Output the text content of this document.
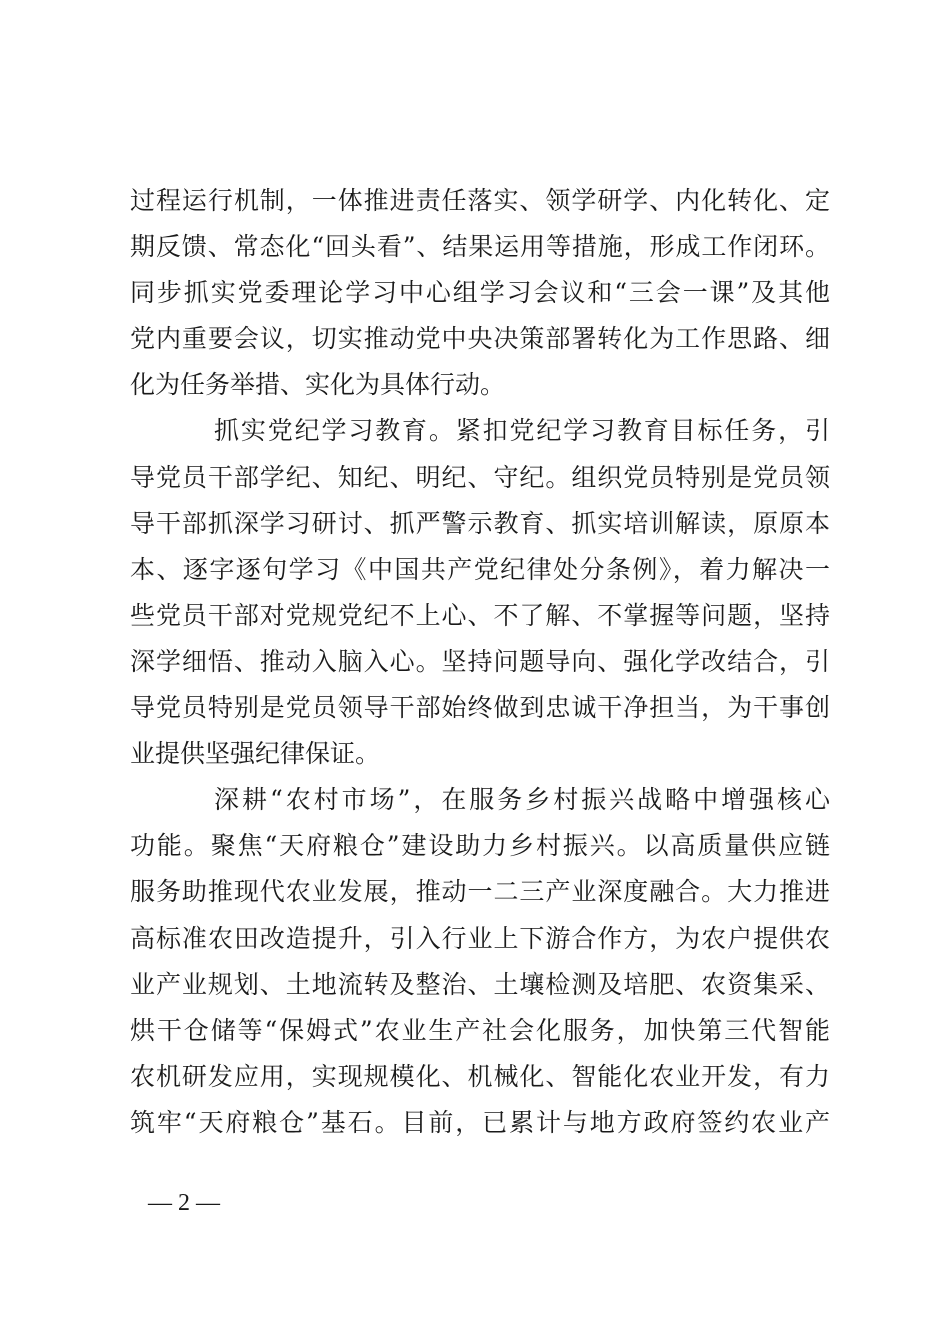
过程运行机制，一体推进责任落实、领学研学、内化转化、定
期反馈、常态化“回头看”、结果运用等措施，形成工作闭环。
同步抓实党委理论学习中心组学习会议和“三会一课”及其他
党内重要会议，切实推动党中央决策部署转化为工作思路、细
化为任务举措、实化为具体行动。
抓实党纪学习教育。紧扣党纪学习教育目标任务，引
导党员干部学纪、知纪、明纪、守纪。组织党员特别是党员领
导干部抓深学习研讨、抓严警示教育、抓实培训解读，原原本
本、逐字逐句学习《中国共产党纪律处分条例》，着力解决一
些党员干部对党规党纪不上心、不了解、不掌握等问题，坚持
深学细悟、推动入脑入心。坚持问题导向、强化学改结合，引
导党员特别是党员领导干部始终做到忠诚干净担当，为干事创
业提供坚强纪律保证。
深耕“农村市场”，在服务乡村振兴战略中增强核心
功能。聚焦“天府粮仓”建设助力乡村振兴。以高质量供应链
服务助推现代农业发展，推动一二三产业深度融合。大力推进
高标准农田改造提升，引入行业上下游合作方，为农户提供农
业产业规划、土地流转及整治、土壤检测及培肥、农资集采、
烘干仓储等“保姆式”农业生产社会化服务，加快第三代智能
农机研发应用，实现规模化、机械化、智能化农业开发，有力
筑牢“天府粮仓”基石。目前，已累计与地方政府签约农业产
— 2 —
